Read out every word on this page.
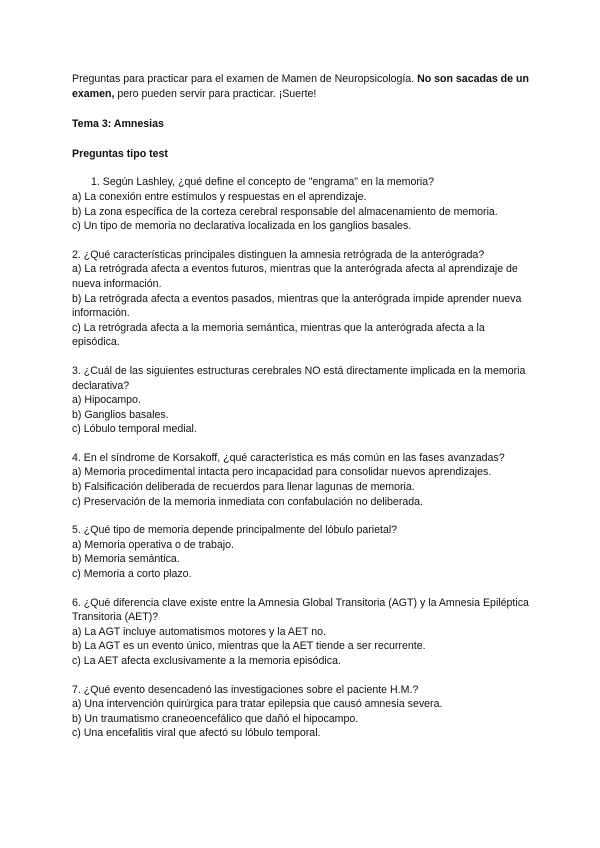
Preguntas para practicar para el examen de Mamen de Neuropsicología. No son sacadas de un examen, pero pueden servir para practicar. ¡Suerte!

Tema 3: Amnesias
Preguntas tipo test
1. Según Lashley, ¿qué define el concepto de "engrama" en la memoria?
a) La conexión entre estímulos y respuestas en el aprendizaje.
b) La zona específica de la corteza cerebral responsable del almacenamiento de memoria.
c) Un tipo de memoria no declarativa localizada en los ganglios basales.
2. ¿Qué características principales distinguen la amnesia retrógrada de la anterógrada?
a) La retrógrada afecta a eventos futuros, mientras que la anterógrada afecta al aprendizaje de nueva información.
b) La retrógrada afecta a eventos pasados, mientras que la anterógrada impide aprender nueva información.
c) La retrógrada afecta a la memoria semántica, mientras que la anterógrada afecta a la episódica.
3. ¿Cuál de las siguientes estructuras cerebrales NO está directamente implicada en la memoria declarativa?
a) Hipocampo.
b) Ganglios basales.
c) Lóbulo temporal medial.
4. En el síndrome de Korsakoff, ¿qué característica es más común en las fases avanzadas?
a) Memoria procedimental intacta pero incapacidad para consolidar nuevos aprendizajes.
b) Falsificación deliberada de recuerdos para llenar lagunas de memoria.
c) Preservación de la memoria inmediata con confabulación no deliberada.
5. ¿Qué tipo de memoria depende principalmente del lóbulo parietal?
a) Memoria operativa o de trabajo.
b) Memoria semántica.
c) Memoria a corto plazo.
6. ¿Qué diferencia clave existe entre la Amnesia Global Transitoria (AGT) y la Amnesia Epiléptica Transitoria (AET)?
a) La AGT incluye automatismos motores y la AET no.
b) La AGT es un evento único, mientras que la AET tiende a ser recurrente.
c) La AET afecta exclusivamente a la memoria episódica.
7. ¿Qué evento desencadenó las investigaciones sobre el paciente H.M.?
a) Una intervención quirúrgica para tratar epilepsia que causó amnesia severa.
b) Un traumatismo craneoencefálico que dañó el hipocampo.
c) Una encefalitis viral que afectó su lóbulo temporal.
